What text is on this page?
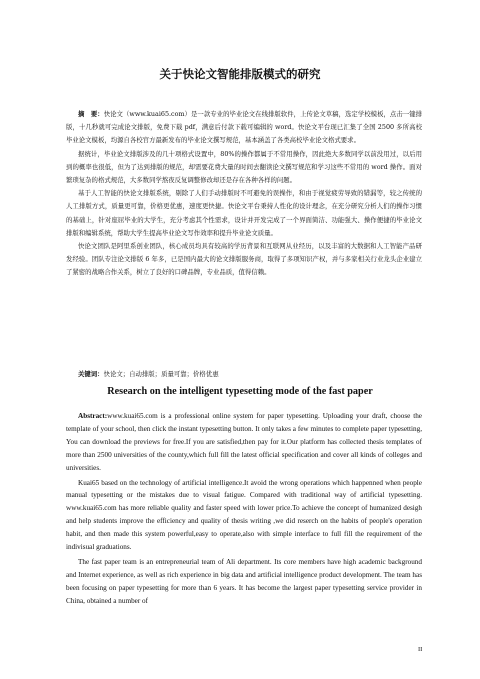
关于快论文智能排版模式的研究

摘　要：快论文（www.kuai65.com）是一款专业的毕业论文在线排版软件，上传论文草稿，选定学校模板，点击一键排版，十几秒就可完成论文排版，免费下载 pdf，满意后付款下载可编辑的 word。快论文平台现已汇集了全国 2500 多所高校毕业论文模板，均源自各校官方最新发布的毕业论文撰写规范，基本涵盖了各类高校毕业论文格式要求。

据统计，毕业论文排版涉及的几十项格式设置中，80%的操作都属于不常用操作，因此绝大多数同学以前没用过，以后用到的概率也很低，但为了达到排版的规范，却需要花费大量的时间去翻读论文撰写规范和学习这些不常用的 word 操作。面对繁琐复杂的格式规范，大多数同学熬夜反复调整修改却还是存在各种各样的问题。

基于人工智能的快论文排版系统，剔除了人们手动排版时不可避免的误操作，和由于视觉疲劳导致的错漏等，较之传统的人工排版方式，质量更可靠，价格更优惠，速度更快捷。快论文平台秉持人性化的设计理念，在充分研究分析人们的操作习惯的基础上，针对座屈毕业的大学生，充分考虑其个性需求，设计并开发完成了一个界面简洁、功能强大、操作便捷的毕业论文排版和编辑系统，帮助大学生提高毕业论文写作效率和提升毕业论文质量。

快论文团队是阿里系创业团队，核心成员均具有较高的学历背景和互联网从业经历，以及丰富的大数据和人工智能产品研发经验。团队专注论文排版 6 年多，已是国内最大的论文排版服务商，取得了多项知识产权，并与多家相关行业龙头企业建立了紧密的战略合作关系，树立了良好的口碑品牌，专业品质，值得信赖。

关键词：快论文；自动排版；质量可靠；价格优惠
Research on the intelligent typesetting mode of the fast paper

Abstract:www.kuai65.com is a professional online system for paper typesetting. Uploading your draft, choose the template of your school, then click the instant typesetting button. It only takes a few minutes to complete paper typesetting, You can download the previews for free.If you are satisfied,then pay for it.Our platform has collected thesis templates of more than 2500 universities of the county,which full fill the latest official specification and cover all kinds of colleges and universities.

Kuai65 based on the technology of artificial intelligence.It avoid the wrong operations which happenned when people manual typesetting or the mistakes due to visual fatigue. Compared with traditional way of artificial typesetting. www.kuai65.com has more reliable quality and faster speed with lower price.To achieve the concept of humanized desigh and help students improve the efficiency and quality of thesis writing ,we did reserch on the habits of people's operation habit, and then made this system powerful,easy to operate,also with simple interface to full fill the requirement of the indivisual graduations.

The fast paper team is an entrepreneurial team of Ali department. Its core members have high academic background and Internet experience, as well as rich experience in big data and artificial intelligence product development. The team has been focusing on paper typesetting for more than 6 years. It has become the largest paper typesetting service provider in　 China, obtained a number of

II
